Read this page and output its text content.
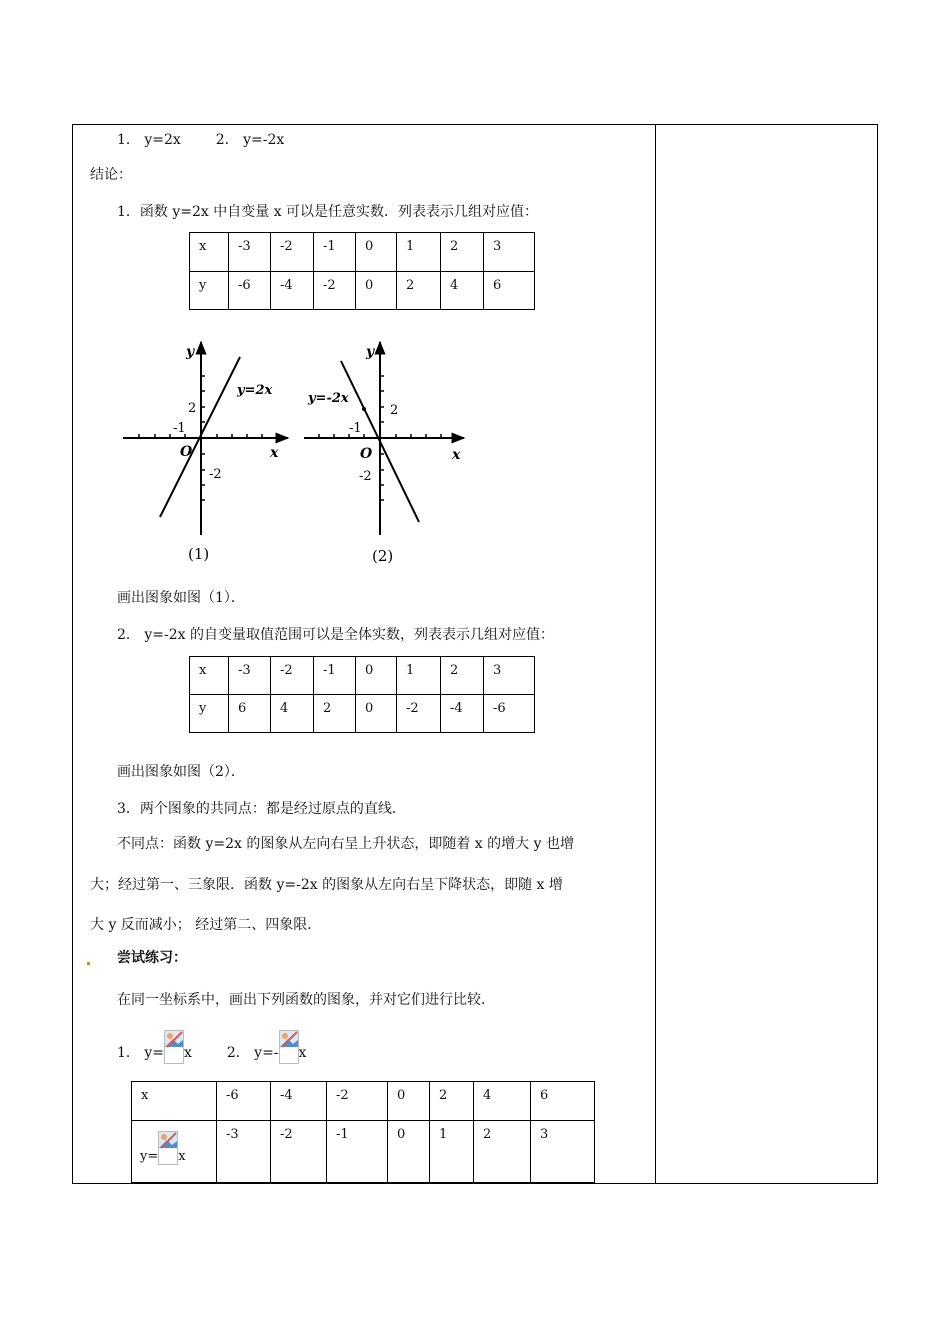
1． y=2x 2． y=-2x
结论：
1．函数 y=2x 中自变量 x 可以是任意实数．列表表示几组对应值：
x	-3	-2	-1	0	1	2	3
y	-6	-4	-2	0	2	4	6
y
x
O
2
-1
-2
y=2x
(1)
y
x
O
2
-1
-2
y=-2x
(2)
画出图象如图（1）．
2． y=-2x 的自变量取值范围可以是全体实数，列表表示几组对应值：
x	-3	-2	-1	0	1	2	3
y	6	4	2	0	-2	-4	-6
画出图象如图（2）．
3．两个图象的共同点：都是经过原点的直线．
不同点：函数 y=2x 的图象从左向右呈上升状态，即随着 x 的增大 y 也增
大；经过第一、三象限．函数 y=-2x 的图象从左向右呈下降状态，即随 x 增
大 y 反而减小； 经过第二、四象限．
尝试练习：
在同一坐标系中，画出下列函数的图象，并对它们进行比较．
1． y= x 2． y=- x
x	-6	-4	-2	0	2	4	6
y= x	-3	-2	-1	0	1	2	3
